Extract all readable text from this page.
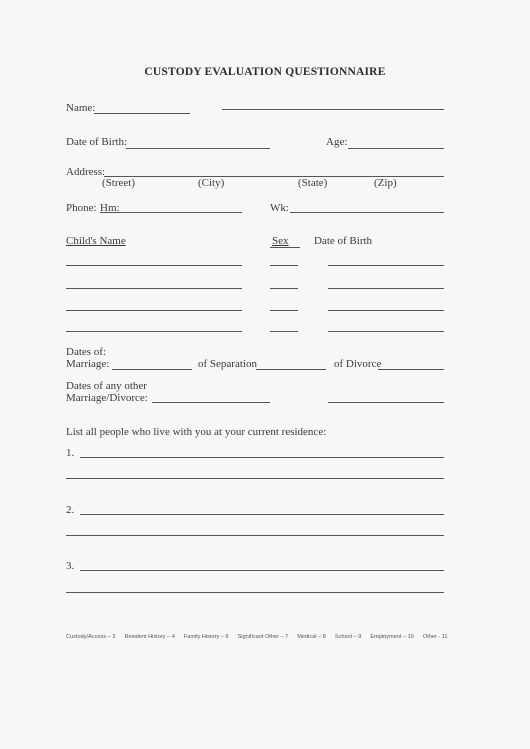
CUSTODY EVALUATION QUESTIONNAIRE
Name:
Date of Birth:	Age:
Address:
(Street)	(City)	(State)	(Zip)
Phone: Hm:	Wk:
Child's Name	Sex Date of Birth
Dates of:
Marriage:	of Separation	of Divorce
Dates of any other
Marriage/Divorce:
List all people who live with you at your current residence:
1.
2.
3.
Custody/Access – 2 Resident History – 4 Family History – 6 Significant Other – 7 Medical – 8 School – 9 Employment – 10 Other - 11
